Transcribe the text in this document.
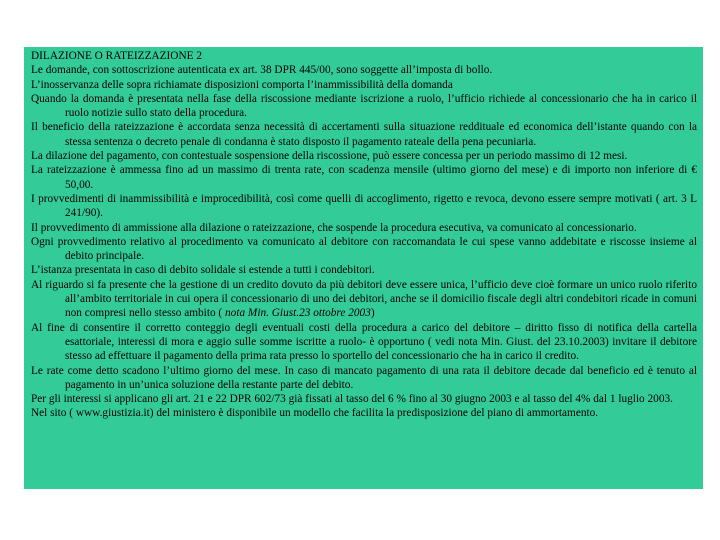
DILAZIONE O RATEIZZAZIONE 2

Le domande, con sottoscrizione autenticata ex art. 38 DPR 445/00, sono soggette all’imposta di bollo.

L’inosservanza delle sopra richiamate disposizioni comporta l’inammissibilità della domanda

Quando la domanda è presentata nella fase della riscossione mediante iscrizione a ruolo, l’ufficio richiede al concessionario che ha in carico il ruolo notizie sullo stato della procedura.

Il beneficio della rateizzazione è accordata senza necessità di accertamenti sulla situazione reddituale ed economica dell’istante quando con la stessa sentenza o decreto penale di condanna è stato disposto il pagamento rateale della pena pecuniaria.

La dilazione del pagamento, con contestuale sospensione della riscossione, può essere concessa per un periodo massimo di 12 mesi.

La rateizzazione è ammessa fino ad un massimo di trenta rate, con scadenza mensile (ultimo giorno del mese) e di importo non inferiore di € 50,00.

I provvedimenti di inammissibilità e improcedibilità, così come quelli di accoglimento, rigetto e revoca, devono essere sempre motivati ( art. 3 L 241/90).

Il provvedimento di ammissione alla dilazione o rateizzazione, che sospende la procedura esecutiva, va comunicato al concessionario.

Ogni provvedimento relativo al procedimento va comunicato al debitore con raccomandata le cui spese vanno addebitate e riscosse insieme al debito principale.

L’istanza presentata in caso di debito solidale si estende a tutti i condebitori.

Al riguardo si fa presente che la gestione di un credito dovuto da più debitori deve essere unica, l’ufficio deve cioè formare un unico ruolo riferito all’ambito territoriale in cui opera il concessionario di uno dei debitori, anche se il domicilio fiscale degli altri condebitori ricade in comuni non compresi nello stesso ambito ( nota Min. Giust.23 ottobre 2003)

Al fine di consentire il corretto conteggio degli eventuali costi della procedura a carico del debitore – diritto fisso di notifica della cartella esattoriale, interessi di mora e aggio sulle somme iscritte a ruolo- è opportuno ( vedi nota Min. Giust. del 23.10.2003) invitare il debitore stesso ad effettuare il pagamento della prima rata presso lo sportello del concessionario che ha in carico il credito.

Le rate come detto scadono l’ultimo giorno del mese. In caso di mancato pagamento di una rata il debitore decade dal beneficio ed è tenuto al pagamento in un’unica soluzione della restante parte del debito.

Per gli interessi si applicano gli art. 21 e 22 DPR 602/73 già fissati al tasso del 6 % fino al 30 giugno 2003 e al tasso del 4% dal 1 luglio 2003.

Nel sito ( www.giustizia.it) del ministero è disponibile un modello che facilita la predisposizione del piano di ammortamento.
